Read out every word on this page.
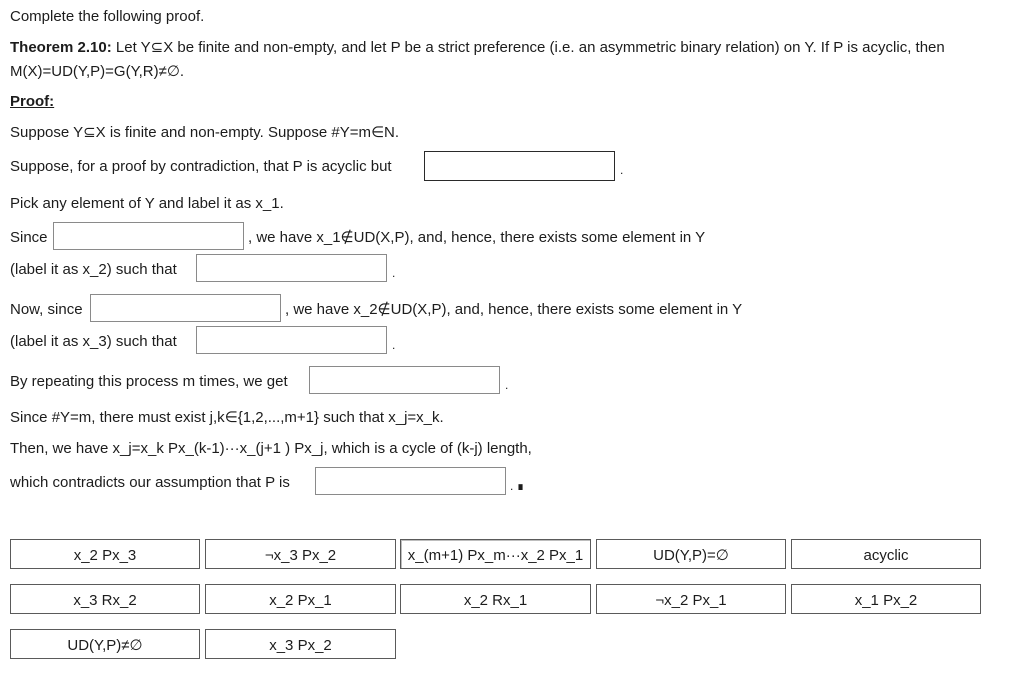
Complete the following proof.
Theorem 2.10: Let Y⊆X be finite and non-empty, and let P be a strict preference (i.e. an asymmetric binary relation) on Y. If P is acyclic, then
M(X)=UD(Y,P)=G(Y,R)≠∅.
Proof:
Suppose Y⊆X is finite and non-empty. Suppose #Y=m∈N.
Suppose, for a proof by contradiction, that P is acyclic but	.
Pick any element of Y and label it as x_1.
Since	, we have x_1∉UD(X,P), and, hence, there exists some element in Y
(label it as x_2) such that	.
Now, since	, we have x_2∉UD(X,P), and, hence, there exists some element in Y
(label it as x_3) such that	.
By repeating this process m times, we get	.
Since #Y=m, there must exist j,k∈{1,2,...,m+1} such that x_j=x_k.
Then, we have x_j=x_k Px_(k-1)···x_(j+1 ) Px_j, which is a cycle of (k-j) length,
which contradicts our assumption that P is	. ∎
x_2 Px_3	¬x_3 Px_2	x_(m+1) Px_m···x_2 Px_1	UD(Y,P)=∅	acyclic
x_3 Rx_2	x_2 Px_1	x_2 Rx_1	¬x_2 Px_1	x_1 Px_2
UD(Y,P)≠∅	x_3 Px_2
